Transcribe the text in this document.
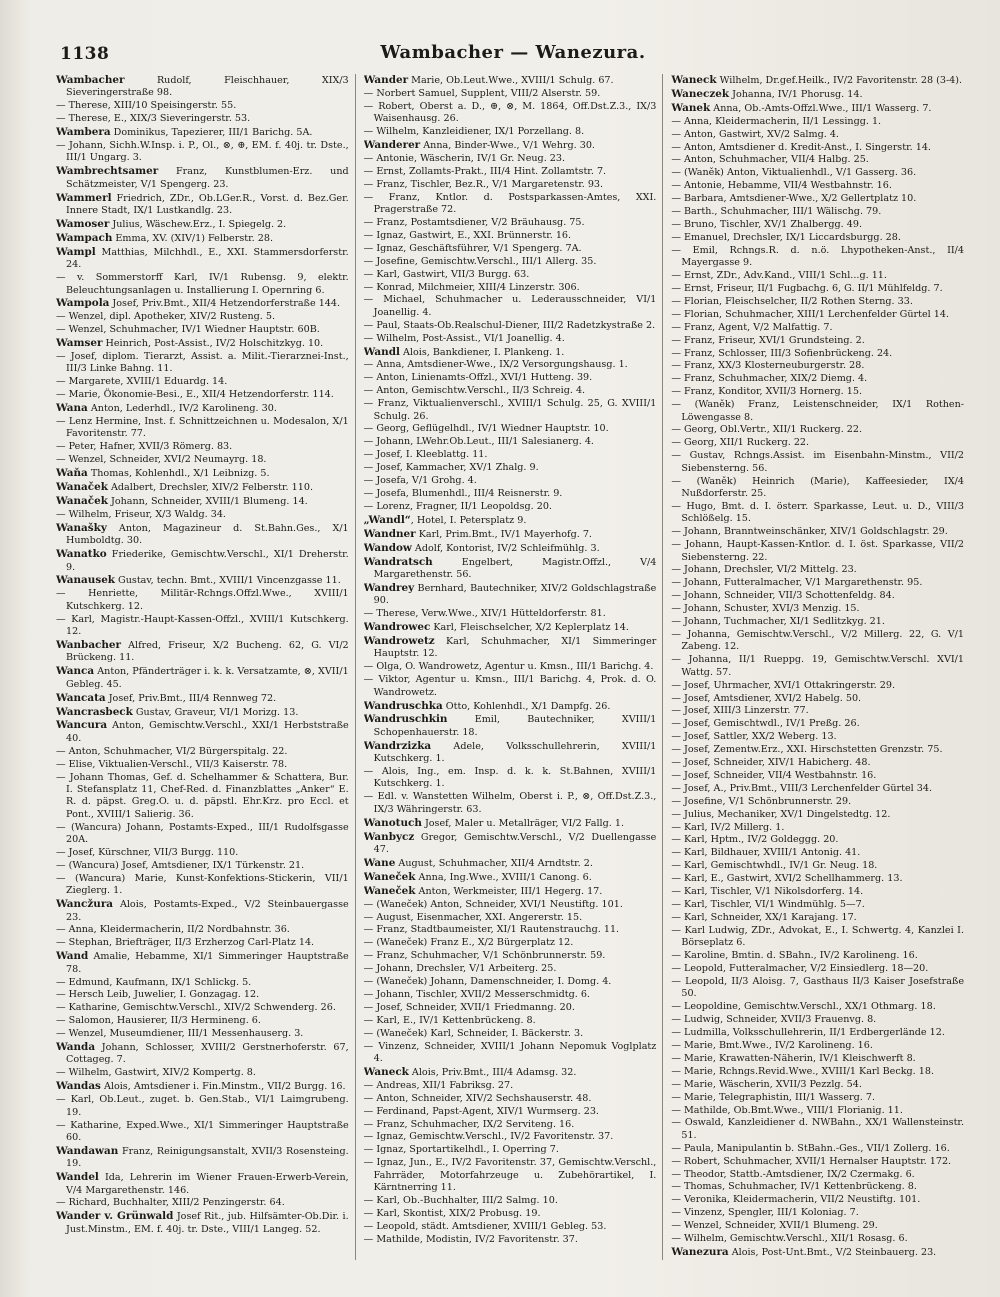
1138	Wambacher — Wanezura.
Wambacher Rudolf, Fleischhauer, XIX/3 Sieveringerstraße 98.
— Therese, XIII/10 Speisingerstr. 55.
— Therese, E., XIX/3 Sieveringerstr. 53.
Wambera Dominikus, Tapezierer, III/1 Barichg. 5A.
— Johann, Sichh.W.Insp. i. P., Ol., ⊗, ⊕, EM. f. 40j. tr. Dste., III/1 Ungarg. 3.
Wambrechtsamer Franz, Kunstblumen-Erz. und Schätzmeister, V/1 Spengerg. 23.
Wammerl Friedrich, ZDr., Ob.LGer.R., Vorst. d. Bez.Ger. Innere Stadt, IX/1 Lustkandlg. 23.
Wamoser Julius, Wäschew.Erz., I. Spiegelg. 2.
Wampach Emma, XV. (XIV/1) Felberstr. 28.
Wampl Matthias, Milchhdl., E., XXI. Stammersdorferstr. 24.
— v. Sommerstorff Karl, IV/1 Rubensg. 9, elektr. Beleuchtungsanlagen u. Installierung I. Opernring 6.
Wampola Josef, Priv.Bmt., XII/4 Hetzendorferstraße 144.
— Wenzel, dipl. Apotheker, XIV/2 Rusteng. 5.
— Wenzel, Schuhmacher, IV/1 Wiedner Hauptstr. 60B.
Wamser Heinrich, Post-Assist., IV/2 Holschitzkyg. 10.
— Josef, diplom. Tierarzt, Assist. a. Milit.-Tierarznei-Inst., III/3 Linke Bahng. 11.
— Margarete, XVIII/1 Eduardg. 14.
— Marie, Ökonomie-Besi., E., XII/4 Hetzendorferstr. 114.
Wana Anton, Lederhdl., IV/2 Karolineng. 30.
— Lenz Hermine, Inst. f. Schnittzeichnen u. Modesalon, X/1 Favoritenstr. 77.
— Peter, Hafner, XVII/3 Römerg. 83.
— Wenzel, Schneider, XVI/2 Neumayrg. 18.
Waňa Thomas, Kohlenhdl., X/1 Leibnizg. 5.
Wanaček Adalbert, Drechsler, XIV/2 Felberstr. 110.
Wanaček Johann, Schneider, XVIII/1 Blumeng. 14.
— Wilhelm, Friseur, X/3 Waldg. 34.
Wanašky Anton, Magazineur d. St.Bahn.Ges., X/1 Humboldtg. 30.
Wanatko Friederike, Gemischtw.Verschl., XI/1 Dreherstr. 9.
Wanausek Gustav, techn. Bmt., XVIII/1 Vincenzgasse 11.
— Henriette, Militär-Rchngs.Offzl.Wwe., XVIII/1 Kutschkerg. 12.
— Karl, Magistr.-Haupt-Kassen-Offzl., XVIII/1 Kutschkerg. 12.
Wanbacher Alfred, Friseur, X/2 Bucheng. 62, G. VI/2 Brückeng. 11.
Wanca Anton, Pfänderträger i. k. k. Versatzamte, ⊗, XVII/1 Gebleg. 45.
Wancata Josef, Priv.Bmt., III/4 Rennweg 72.
Wancrasbeck Gustav, Graveur, VI/1 Morizg. 13.
Wancura Anton, Gemischtw.Verschl., XXI/1 Herbststraße 40.
— Anton, Schuhmacher, VI/2 Bürgerspitalg. 22.
— Elise, Viktualien-Verschl., VII/3 Kaiserstr. 78.
— Johann Thomas, Gef. d. Schelhammer & Schattera, Bur. I. Stefansplatz 11, Chef-Red. d. Finanzblattes „Anker“ E. R. d. päpst. Greg.O. u. d. päpstl. Ehr.Krz. pro Eccl. et Pont., XVIII/1 Salierig. 36.
— (Wancura) Johann, Postamts-Exped., III/1 Rudolfsgasse 20A.
— Josef, Kürschner, VII/3 Burgg. 110.
— (Wancura) Josef, Amtsdiener, IX/1 Türkenstr. 21.
— (Wancura) Marie, Kunst-Konfektions-Stickerin, VII/1 Zieglerg. 1.
Wancžura Alois, Postamts-Exped., V/2 Steinbauergasse 23.
— Anna, Kleidermacherin, II/2 Nordbahnstr. 36.
— Stephan, Briefträger, II/3 Erzherzog Carl-Platz 14.
Wand Amalie, Hebamme, XI/1 Simmeringer Hauptstraße 78.
— Edmund, Kaufmann, IX/1 Schlickg. 5.
— Hersch Leib, Juwelier, I. Gonzagag. 12.
— Katharine, Gemischtw.Verschl., XIV/2 Schwenderg. 26.
— Salomon, Hausierer, II/3 Hermineng. 6.
— Wenzel, Museumdiener, III/1 Messenhauserg. 3.
Wanda Johann, Schlosser, XVIII/2 Gerstnerhoferstr. 67, Cottageg. 7.
— Wilhelm, Gastwirt, XIV/2 Kompertg. 8.
Wandas Alois, Amtsdiener i. Fin.Minstm., VII/2 Burgg. 16.
— Karl, Ob.Leut., zuget. b. Gen.Stab., VI/1 Laimgrubeng. 19.
— Katharine, Exped.Wwe., XI/1 Simmeringer Hauptstraße 60.
Wandawan Franz, Reinigungsanstalt, XVII/3 Rosensteing. 19.
Wandel Ida, Lehrerin im Wiener Frauen-Erwerb-Verein, V/4 Margarethenstr. 146.
— Richard, Buchhalter, XIII/2 Penzingerstr. 64.
Wander v. Grünwald Josef Rit., jub. Hilfsämter-Ob.Dir. i. Just.Minstm., EM. f. 40j. tr. Dste., VIII/1 Langeg. 52.
Wander Marie, Ob.Leut.Wwe., XVIII/1 Schulg. 67.
— Norbert Samuel, Supplent, VIII/2 Alserstr. 59.
— Robert, Oberst a. D., ⊕, ⊗, M. 1864, Off.Dst.Z.3., IX/3 Waisenhausg. 26.
— Wilhelm, Kanzleidiener, IX/1 Porzellang. 8.
Wanderer Anna, Binder-Wwe., V/1 Wehrg. 30.
— Antonie, Wäscherin, IV/1 Gr. Neug. 23.
— Ernst, Zollamts-Prakt., III/4 Hint. Zollamtstr. 7.
— Franz, Tischler, Bez.R., V/1 Margaretenstr. 93.
— Franz, Kntlor. d. Postsparkassen-Amtes, XXI. Pragerstraße 72.
— Franz, Postamtsdiener, V/2 Bräuhausg. 75.
— Ignaz, Gastwirt, E., XXI. Brünnerstr. 16.
— Ignaz, Geschäftsführer, V/1 Spengerg. 7A.
— Josefine, Gemischtw.Verschl., III/1 Allerg. 35.
— Karl, Gastwirt, VII/3 Burgg. 63.
— Konrad, Milchmeier, XIII/4 Linzerstr. 306.
— Michael, Schuhmacher u. Lederausschneider, VI/1 Joanellig. 4.
— Paul, Staats-Ob.Realschul-Diener, III/2 Radetzkystraße 2.
— Wilhelm, Post-Assist., VI/1 Joanellig. 4.
Wandl Alois, Bankdiener, I. Plankeng. 1.
— Anna, Amtsdiener-Wwe., IX/2 Versorgungshausg. 1.
— Anton, Linienamts-Offzl., XVI/1 Hutteng. 39.
— Anton, Gemischtw.Verschl., II/3 Schreig. 4.
— Franz, Viktualienverschl., XVIII/1 Schulg. 25, G. XVIII/1 Schulg. 26.
— Georg, Geflügelhdl., IV/1 Wiedner Hauptstr. 10.
— Johann, LWehr.Ob.Leut., III/1 Salesianerg. 4.
— Josef, I. Kleeblattg. 11.
— Josef, Kammacher, XV/1 Zhalg. 9.
— Josefa, V/1 Grohg. 4.
— Josefa, Blumenhdl., III/4 Reisnerstr. 9.
— Lorenz, Fragner, II/1 Leopoldsg. 20.
„Wandl“, Hotel, I. Petersplatz 9.
Wandner Karl, Prim.Bmt., IV/1 Mayerhofg. 7.
Wandow Adolf, Kontorist, IV/2 Schleifmühlg. 3.
Wandratsch Engelbert, Magistr.Offzl., V/4 Margarethenstr. 56.
Wandrey Bernhard, Bautechniker, XIV/2 Goldschlagstraße 90.
— Therese, Verw.Wwe., XIV/1 Hütteldorferstr. 81.
Wandrowec Karl, Fleischselcher, X/2 Keplerplatz 14.
Wandrowetz Karl, Schuhmacher, XI/1 Simmeringer Hauptstr. 12.
— Olga, O. Wandrowetz, Agentur u. Kmsn., III/1 Barichg. 4.
— Viktor, Agentur u. Kmsn., III/1 Barichg. 4, Prok. d. O. Wandrowetz.
Wandruschka Otto, Kohlenhdl., X/1 Dampfg. 26.
Wandruschkin Emil, Bautechniker, XVIII/1 Schopenhauerstr. 18.
Wandrzizka Adele, Volksschullehrerin, XVIII/1 Kutschkerg. 1.
— Alois, Ing., em. Insp. d. k. k. St.Bahnen, XVIII/1 Kutschkerg. 1.
— Edl. v. Wanstetten Wilhelm, Oberst i. P., ⊗, Off.Dst.Z.3., IX/3 Währingerstr. 63.
Wanotuch Josef, Maler u. Metallräger, VI/2 Fallg. 1.
Wanbycz Gregor, Gemischtw.Verschl., V/2 Duellengasse 47.
Wane August, Schuhmacher, XII/4 Arndtstr. 2.
Waneček Anna, Ing.Wwe., XVIII/1 Canong. 6.
Waneček Anton, Werkmeister, III/1 Hegerg. 17.
— (Waneček) Anton, Schneider, XVI/1 Neustiftg. 101.
— August, Eisenmacher, XXI. Angererstr. 15.
— Franz, Stadtbaumeister, XI/1 Rautenstrauchg. 11.
— (Waneček) Franz E., X/2 Bürgerplatz 12.
— Franz, Schuhmacher, V/1 Schönbrunnerstr. 59.
— Johann, Drechsler, V/1 Arbeiterg. 25.
— (Waneček) Johann, Damenschneider, I. Domg. 4.
— Johann, Tischler, XVII/2 Messerschmidtg. 6.
— Josef, Schneider, XVII/1 Friedmanng. 20.
— Karl, E., IV/1 Kettenbrückeng. 8.
— (Waneček) Karl, Schneider, I. Bäckerstr. 3.
— Vinzenz, Schneider, XVIII/1 Johann Nepomuk Voglplatz 4.
Waneck Alois, Priv.Bmt., III/4 Adamsg. 32.
— Andreas, XII/1 Fabriksg. 27.
— Anton, Schneider, XIV/2 Sechshauserstr. 48.
— Ferdinand, Papst-Agent, XIV/1 Wurmserg. 23.
— Franz, Schuhmacher, IX/2 Serviteng. 16.
— Ignaz, Gemischtw.Verschl., IV/2 Favoritenstr. 37.
— Ignaz, Sportartikelhdl., I. Operring 7.
— Ignaz, Jun., E., IV/2 Favoritenstr. 37, Gemischtw.Verschl., Fahrräder, Motorfahrzeuge u. Zubehörartikel, I. Kärntnerring 11.
— Karl, Ob.-Buchhalter, III/2 Salmg. 10.
— Karl, Skontist, XIX/2 Probusg. 19.
— Leopold, städt. Amtsdiener, XVIII/1 Gebleg. 53.
— Mathilde, Modistin, IV/2 Favoritenstr. 37.
Waneck Wilhelm, Dr.gef.Heilk., IV/2 Favoritenstr. 28 (3-4).
Waneczek Johanna, IV/1 Phorusg. 14.
Wanek Anna, Ob.-Amts-Offzl.Wwe., III/1 Wasserg. 7.
— Anna, Kleidermacherin, II/1 Lessingg. 1.
— Anton, Gastwirt, XV/2 Salmg. 4.
— Anton, Amtsdiener d. Kredit-Anst., I. Singerstr. 14.
— Anton, Schuhmacher, VII/4 Halbg. 25.
— (Waněk) Anton, Viktualienhdl., V/1 Gasserg. 36.
— Antonie, Hebamme, VII/4 Westbahnstr. 16.
— Barbara, Amtsdiener-Wwe., X/2 Gellertplatz 10.
— Barth., Schuhmacher, III/1 Wälischg. 79.
— Bruno, Tischler, XV/1 Zhalbergg. 49.
— Emanuel, Drechsler, IX/1 Liccardsburgg. 28.
— Emil, Rchngs.R. d. n.ö. Lhypotheken-Anst., II/4 Mayergasse 9.
— Ernst, ZDr., Adv.Kand., VIII/1 Schl...g. 11.
— Ernst, Friseur, II/1 Fugbachg. 6, G. II/1 Mühlfeldg. 7.
— Florian, Fleischselcher, II/2 Rothen Sterng. 33.
— Florian, Schuhmacher, XIII/1 Lerchenfelder Gürtel 14.
— Franz, Agent, V/2 Malfattig. 7.
— Franz, Friseur, XVI/1 Grundsteing. 2.
— Franz, Schlosser, III/3 Sofienbrückeng. 24.
— Franz, XX/3 Klosterneuburgerstr. 28.
— Franz, Schuhmacher, XIX/2 Diemg. 4.
— Franz, Konditor, XVII/3 Hornerg. 15.
— (Waněk) Franz, Leistenschneider, IX/1 Rothen-Löwengasse 8.
— Georg, Obl.Vertr., XII/1 Ruckerg. 22.
— Georg, XII/1 Ruckerg. 22.
— Gustav, Rchngs.Assist. im Eisenbahn-Minstm., VII/2 Siebensterng. 56.
— (Waněk) Heinrich (Marie), Kaffeesieder, IX/4 Nußdorferstr. 25.
— Hugo, Bmt. d. I. österr. Sparkasse, Leut. u. D., VIII/3 Schlößelg. 15.
— Johann, Branntweinschänker, XIV/1 Goldschlagstr. 29.
— Johann, Haupt-Kassen-Kntlor. d. I. öst. Sparkasse, VII/2 Siebensterng. 22.
— Johann, Drechsler, VI/2 Mittelg. 23.
— Johann, Futteralmacher, V/1 Margarethenstr. 95.
— Johann, Schneider, VII/3 Schottenfeldg. 84.
— Johann, Schuster, XVI/3 Menzig. 15.
— Johann, Tuchmacher, XI/1 Sedlitzkyg. 21.
— Johanna, Gemischtw.Verschl., V/2 Millerg. 22, G. V/1 Zabeng. 12.
— Johanna, II/1 Rueppg. 19, Gemischtw.Verschl. XVI/1 Wattg. 57.
— Josef, Uhrmacher, XVI/1 Ottakringerstr. 29.
— Josef, Amtsdiener, XVI/2 Habelg. 50.
— Josef, XIII/3 Linzerstr. 77.
— Josef, Gemischtwdl., IV/1 Preßg. 26.
— Josef, Sattler, XX/2 Weberg. 13.
— Josef, Zementw.Erz., XXI. Hirschstetten Grenzstr. 75.
— Josef, Schneider, XIV/1 Habicherg. 48.
— Josef, Schneider, VII/4 Westbahnstr. 16.
— Josef, A., Priv.Bmt., VIII/3 Lerchenfelder Gürtel 34.
— Josefine, V/1 Schönbrunnerstr. 29.
— Julius, Mechaniker, XV/1 Dingelstedtg. 12.
— Karl, IV/2 Millerg. 1.
— Karl, Hptm., IV/2 Goldeggg. 20.
— Karl, Bildhauer, XVIII/1 Antonig. 41.
— Karl, Gemischtwhdl., IV/1 Gr. Neug. 18.
— Karl, E., Gastwirt, XVI/2 Schellhammerg. 13.
— Karl, Tischler, V/1 Nikolsdorferg. 14.
— Karl, Tischler, VI/1 Windmühlg. 5—7.
— Karl, Schneider, XX/1 Karajang. 17.
— Karl Ludwig, ZDr., Advokat, E., I. Schwertg. 4, Kanzlei I. Börseplatz 6.
— Karoline, Bmtin. d. SBahn., IV/2 Karolineng. 16.
— Leopold, Futteralmacher, V/2 Einsiedlerg. 18—20.
— Leopold, II/3 Aloisg. 7, Gasthaus II/3 Kaiser Josefstraße 50.
— Leopoldine, Gemischtw.Verschl., XX/1 Othmarg. 18.
— Ludwig, Schneider, XVII/3 Frauenvg. 8.
— Ludmilla, Volksschullehrerin, II/1 Erdbergerlände 12.
— Marie, Bmt.Wwe., IV/2 Karolineng. 16.
— Marie, Krawatten-Näherin, IV/1 Kleischwerft 8.
— Marie, Rchngs.Revid.Wwe., XVIII/1 Karl Beckg. 18.
— Marie, Wäscherin, XVII/3 Pezzlg. 54.
— Marie, Telegraphistin, III/1 Wasserg. 7.
— Mathilde, Ob.Bmt.Wwe., VIII/1 Florianig. 11.
— Oswald, Kanzleidiener d. NWBahn., XX/1 Wallensteinstr. 51.
— Paula, Manipulantin b. StBahn.-Ges., VII/1 Zollerg. 16.
— Robert, Schuhmacher, XVII/1 Hernalser Hauptstr. 172.
— Theodor, Stattb.-Amtsdiener, IX/2 Czermakg. 6.
— Thomas, Schuhmacher, IV/1 Kettenbrückeng. 8.
— Veronika, Kleidermacherin, VII/2 Neustiftg. 101.
— Vinzenz, Spengler, III/1 Koloniag. 7.
— Wenzel, Schneider, XVII/1 Blumeng. 29.
— Wilhelm, Gemischtw.Verschl., XII/1 Rosasg. 6.
Wanezura Alois, Post-Unt.Bmt., V/2 Steinbauerg. 23.
